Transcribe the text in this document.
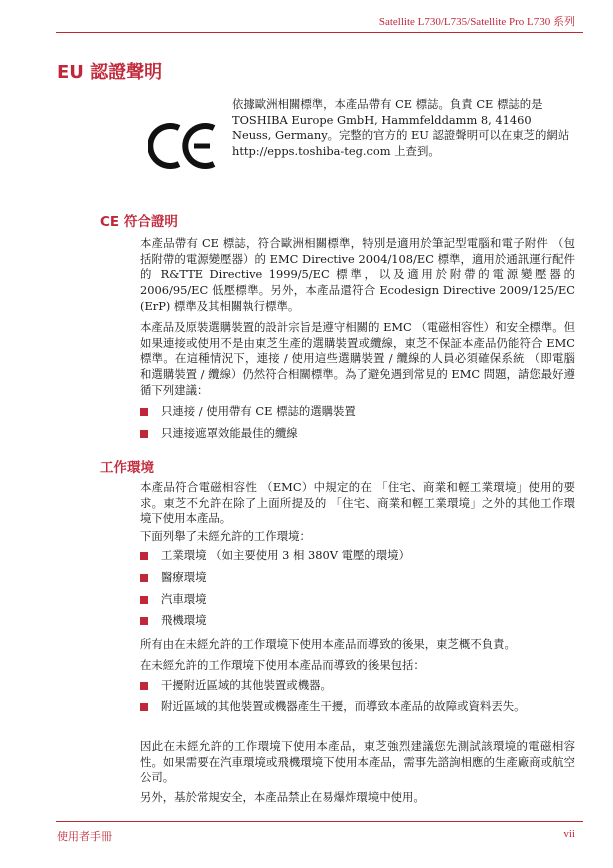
Satellite L730/L735/Satellite Pro L730 系列
EU 認證聲明
依據歐洲相關標準，本產品帶有 CE 標誌。負責 CE 標誌的是 TOSHIBA Europe GmbH, Hammfelddamm 8, 41460 Neuss, Germany。完整的官方的 EU 認證聲明可以在東芝的網站 http://epps.toshiba-teg.com 上查到。
CE 符合證明

本產品帶有 CE 標誌，符合歐洲相關標準，特別是適用於筆記型電腦和電子附件 （包括附帶的電源變壓器）的 EMC Directive 2004/108/EC 標準，適用於通訊運行配件的 R&TTE Directive 1999/5/EC 標準，以及適用於附帶的電源變壓器的 2006/95/EC 低壓標準。另外，本產品還符合 Ecodesign Directive 2009/125/EC (ErP) 標準及其相關執行標準。

本產品及原裝選購裝置的設計宗旨是遵守相關的 EMC （電磁相容性）和安全標準。但如果連接或使用不是由東芝生產的選購裝置或纜線，東芝不保証本產品仍能符合 EMC 標準。在這種情況下，連接 / 使用這些選購裝置 / 纜線的人員必須確保系統 （即電腦和選購裝置 / 纜線）仍然符合相關標準。為了避免遇到常見的 EMC 問題，請您最好遵循下列建議：

只連接 / 使用帶有 CE 標誌的選購裝置
只連接遮罩效能最佳的纜線
工作環境

本產品符合電磁相容性 （EMC）中規定的在 「住宅、商業和輕工業環境」使用的要求。東芝不允許在除了上面所提及的 「住宅、商業和輕工業環境」之外的其他工作環境下使用本產品。

下面列舉了未經允許的工作環境：

工業環境 （如主要使用 3 相 380V 電壓的環境）
醫療環境
汽車環境
飛機環境

所有由在未經允許的工作環境下使用本產品而導致的後果，東芝概不負責。

在未經允許的工作環境下使用本產品而導致的後果包括：

干擾附近區域的其他裝置或機器。
附近區域的其他裝置或機器產生干擾，而導致本產品的故障或資料丟失。

因此在未經允許的工作環境下使用本產品，東芝強烈建議您先測試該環境的電磁相容性。如果需要在汽車環境或飛機環境下使用本產品，需事先諮詢相應的生產廠商或航空公司。

另外，基於常規安全，本產品禁止在易爆炸環境中使用。

使用者手冊	vii
